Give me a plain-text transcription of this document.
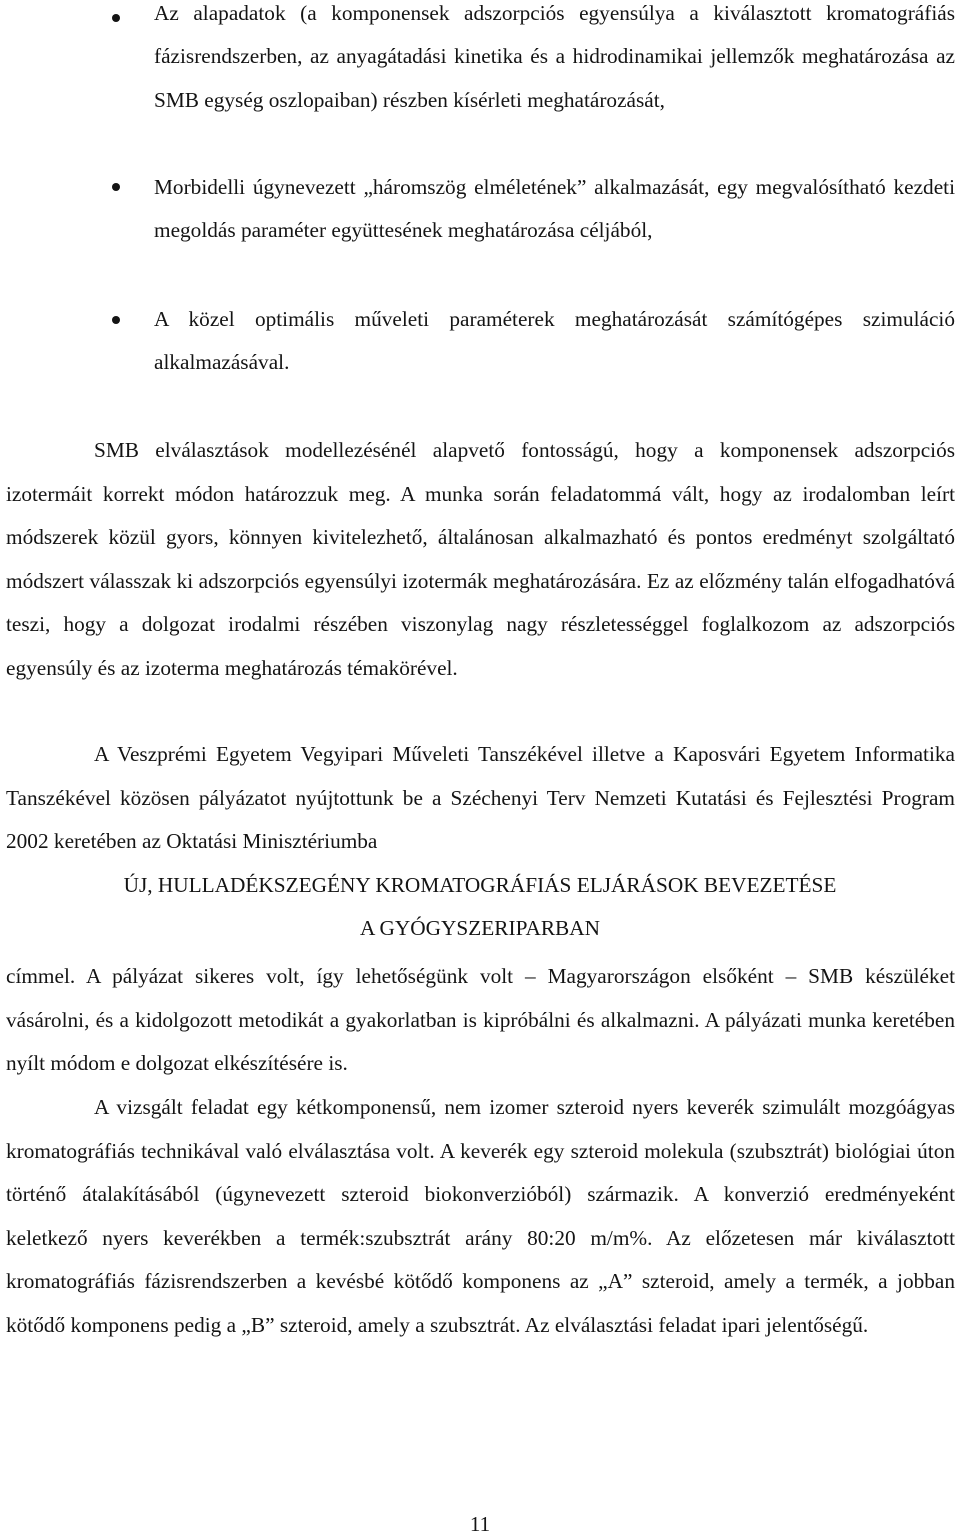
Az alapadatok (a komponensek adszorpciós egyensúlya a kiválasztott kromatográfiás fázisrendszerben, az anyagátadási kinetika és a hidrodinamikai jellemzők meghatározása az SMB egység oszlopaiban) részben kísérleti meghatározását,
Morbidelli úgynevezett „háromszög elméletének” alkalmazását, egy megvalósítható kezdeti megoldás paraméter együttesének meghatározása céljából,
A közel optimális műveleti paraméterek meghatározását számítógépes szimuláció alkalmazásával.

SMB elválasztások modellezésénél alapvető fontosságú, hogy a komponensek adszorpciós izotermáit korrekt módon határozzuk meg. A munka során feladatommá vált, hogy az irodalomban leírt módszerek közül gyors, könnyen kivitelezhető, általánosan alkalmazható és pontos eredményt szolgáltató módszert válasszak ki adszorpciós egyensúlyi izotermák meghatározására. Ez az előzmény talán elfogadhatóvá teszi, hogy a dolgozat irodalmi részében viszonylag nagy részletességgel foglalkozom az adszorpciós egyensúly és az izoterma meghatározás témakörével.

A Veszprémi Egyetem Vegyipari Műveleti Tanszékével illetve a Kaposvári Egyetem Informatika Tanszékével közösen pályázatot nyújtottunk be a Széchenyi Terv Nemzeti Kutatási és Fejlesztési Program 2002 keretében az Oktatási Minisztériumba

ÚJ, HULLADÉKSZEGÉNY KROMATOGRÁFIÁS ELJÁRÁSOK BEVEZETÉSE
A GYÓGYSZERIPARBAN

címmel. A pályázat sikeres volt, így lehetőségünk volt – Magyarországon elsőként – SMB készüléket vásárolni, és a kidolgozott metodikát a gyakorlatban is kipróbálni és alkalmazni. A pályázati munka keretében nyílt módom e dolgozat elkészítésére is.

A vizsgált feladat egy kétkomponensű, nem izomer szteroid nyers keverék szimulált mozgóágyas kromatográfiás technikával való elválasztása volt. A keverék egy szteroid molekula (szubsztrát) biológiai úton történő átalakításából (úgynevezett szteroid biokonverzióból) származik. A konverzió eredményeként keletkező nyers keverékben a termék:szubsztrát arány 80:20 m/m%. Az előzetesen már kiválasztott kromatográfiás fázisrendszerben a kevésbé kötődő komponens az „A” szteroid, amely a termék, a jobban kötődő komponens pedig a „B” szteroid, amely a szubsztrát. Az elválasztási feladat ipari jelentőségű.

11
